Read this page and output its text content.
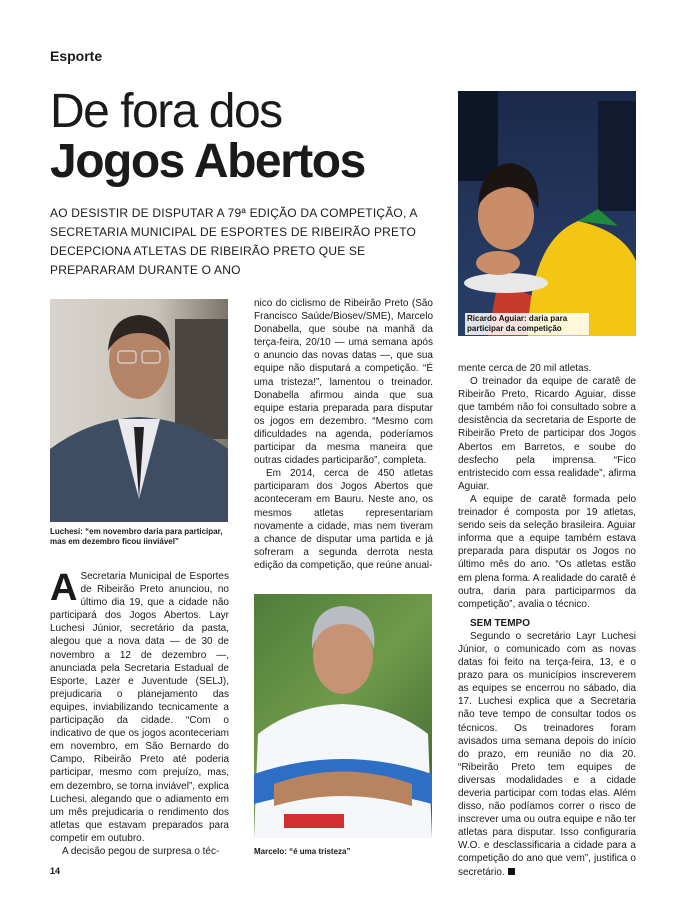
Esporte
De fora dos
Jogos Abertos
AO DESISTIR DE DISPUTAR A 79ª EDIÇÃO DA COMPETIÇÃO, A SECRETARIA MUNICIPAL DE ESPORTES DE RIBEIRÃO PRETO DECEPCIONA ATLETAS DE RIBEIRÃO PRETO QUE SE PREPARARAM DURANTE O ANO
Luchesi: “em novembro daria para participar, mas em dezembro ficou iinviável”
Ricardo Aguiar: daria para participar da competição
Marcelo: “é uma tristeza”

A Secretaria Municipal de Esportes de Ribeirão Preto anunciou, no último dia 19, que a cidade não participará dos Jogos Abertos. Layr Luchesi Júnior, secretário da pasta, alegou que a nova data — de 30 de novembro a 12 de dezembro —, anunciada pela Secretaria Estadual de Esporte, Lazer e Juventude (SELJ), prejudicaria o planejamento das equipes, inviabilizando tecnicamente a participação da cidade. “Com o indicativo de que os jogos aconteceriam em novembro, em São Bernardo do Campo, Ribeirão Preto até poderia participar, mesmo com prejuízo, mas, em dezembro, se torna inviável”, explica Luchesi, alegando que o adiamento em um mês prejudicaria o rendimento dos atletas que estavam preparados para competir em outubro.

A decisão pegou de surpresa o téc-

nico do ciclismo de Ribeirão Preto (São Francisco Saúde/Biosev/SME), Marcelo Donabella, que soube na manhã da terça-feira, 20/10 — uma semana após o anuncio das novas datas —, que sua equipe não disputará a competição. “É uma tristeza!”, lamentou o treinador. Donabella afirmou ainda que sua equipe estaria preparada para disputar os jogos em dezembro. “Mesmo com dificuldades na agenda, poderíamos participar da mesma maneira que outras cidades participarão”, completa.

Em 2014, cerca de 450 atletas participaram dos Jogos Abertos que aconteceram em Bauru. Neste ano, os mesmos atletas representariam novamente a cidade, mas nem tiveram a chance de disputar uma partida e já sofreram a segunda derrota nesta edição da competição, que reúne anual-

mente cerca de 20 mil atletas.

O treinador da equipe de caratê de Ribeirão Preto, Ricardo Aguiar, disse que também não foi consultado sobre a desistência da secretaria de Esporte de Ribeirão Preto de participar dos Jogos Abertos em Barretos, e soube do desfecho pela imprensa. “Fico entristecido com essa realidade”, afirma Aguiar.

A equipe de caratê formada pelo treinador é composta por 19 atletas, sendo seis da seleção brasileira. Aguiar informa que a equipe também estava preparada para disputar os Jogos no último mês do ano. “Os atletas estão em plena forma. A realidade do caratê é outra, daria para participarmos da competição”, avalia o técnico.

SEM TEMPO

Segundo o secretário Layr Luchesi Júnior, o comunicado com as novas datas foi feito na terça-feira, 13, e o prazo para os municípios inscreverem as equipes se encerrou no sábado, dia 17. Luchesi explica que a Secretaria não teve tempo de consultar todos os técnicos. Os treinadores foram avisados uma semana depois do início do prazo, em reunião no dia 20. “Ribeirão Preto tem equipes de diversas modalidades e a cidade deveria participar com todas elas. Além disso, não podíamos correr o risco de inscrever uma ou outra equipe e não ter atletas para disputar. Isso configuraria W.O. e desclassificaria a cidade para a competição do ano que vem”, justifica o secretário.

14
